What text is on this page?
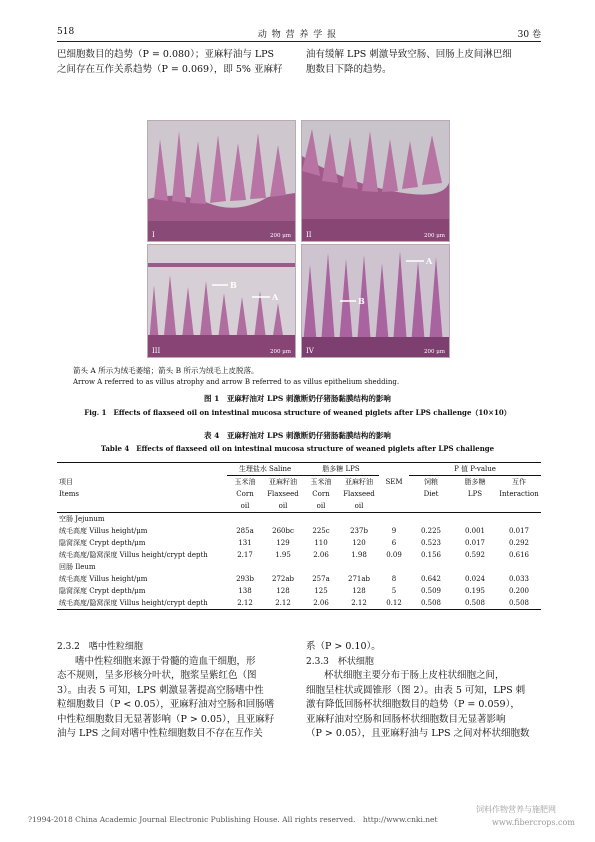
518	动 物 营 养 学 报	30 卷
巴细胞数目的趋势（P = 0.080）；亚麻籽油与 LPS
之间存在互作关系趋势（P = 0.069），即 5% 亚麻籽
油有缓解 LPS 刺激导致空肠、回肠上皮间淋巴细
胞数目下降的趋势。
I	200 μm II	200 μm
B
A
III	200 μm
A
B
IV	200 μm
箭头 A 所示为绒毛萎缩；箭头 B 所示为绒毛上皮脱落。
Arrow A referred to as villus atrophy and arrow B referred to as villus epithelium shedding.
图 1　亚麻籽油对 LPS 刺激断奶仔猪肠黏膜结构的影响
Fig. 1　Effects of flaxseed oil on intestinal mucosa structure of weaned piglets after LPS challenge（10×10）
表 4　亚麻籽油对 LPS 刺激断奶仔猪肠黏膜结构的影响
Table 4　Effects of flaxseed oil on intestinal mucosa structure of weaned piglets after LPS challenge
	生理盐水 Saline		脂多糖 LPS			P 值 P-value		
项目	玉米油	亚麻籽油	玉米油	亚麻籽油	SEM	饲粮	脂多糖	互作
Items	Corn	Flaxseed	Corn	Flaxseed		Diet	LPS	Interaction
	oil	oil	oil	oil				
空肠 Jejunum								
绒毛高度 Villus height/μm	285a	260bc	225c	237b	9	0.225	0.001	0.017
隐窝深度 Crypt depth/μm	131	129	110	120	6	0.523	0.017	0.292
绒毛高度/隐窝深度 Villus height/crypt depth	2.17	1.95	2.06	1.98	0.09	0.156	0.592	0.616
回肠 Ileum								
绒毛高度 Villus height/μm	293b	272ab	257a	271ab	8	0.642	0.024	0.033
隐窝深度 Crypt depth/μm	138	128	125	128	5	0.509	0.195	0.200
绒毛高度/隐窝深度 Villus height/crypt depth	2.12	2.12	2.06	2.12	0.12	0.508	0.508	0.508
2.3.2　嗜中性粒细胞
嗜中性粒细胞来源于骨髓的造血干细胞，形
态不规则，呈多形核分叶状，胞浆呈紫红色（图
3）。由表 5 可知，LPS 刺激显著提高空肠嗜中性
粒细胞数目（P < 0.05），亚麻籽油对空肠和回肠嗜
中性粒细胞数目无显著影响（P > 0.05），且亚麻籽
油与 LPS 之间对嗜中性粒细胞数目不存在互作关
系（P > 0.10）。
2.3.3　杯状细胞
杯状细胞主要分布于肠上皮柱状细胞之间，
细胞呈柱状或圆锥形（图 2）。由表 5 可知，LPS 刺
激有降低回肠杯状细胞数目的趋势（P = 0.059），
亚麻籽油对空肠和回肠杯状细胞数目无显著影响
（P > 0.05），且亚麻籽油与 LPS 之间对杯状细胞数
?1994-2018 China Academic Journal Electronic Publishing House. All rights reserved.　http://www.cnki.net
饲料作物营养与施肥网
www.fibercrops.com
